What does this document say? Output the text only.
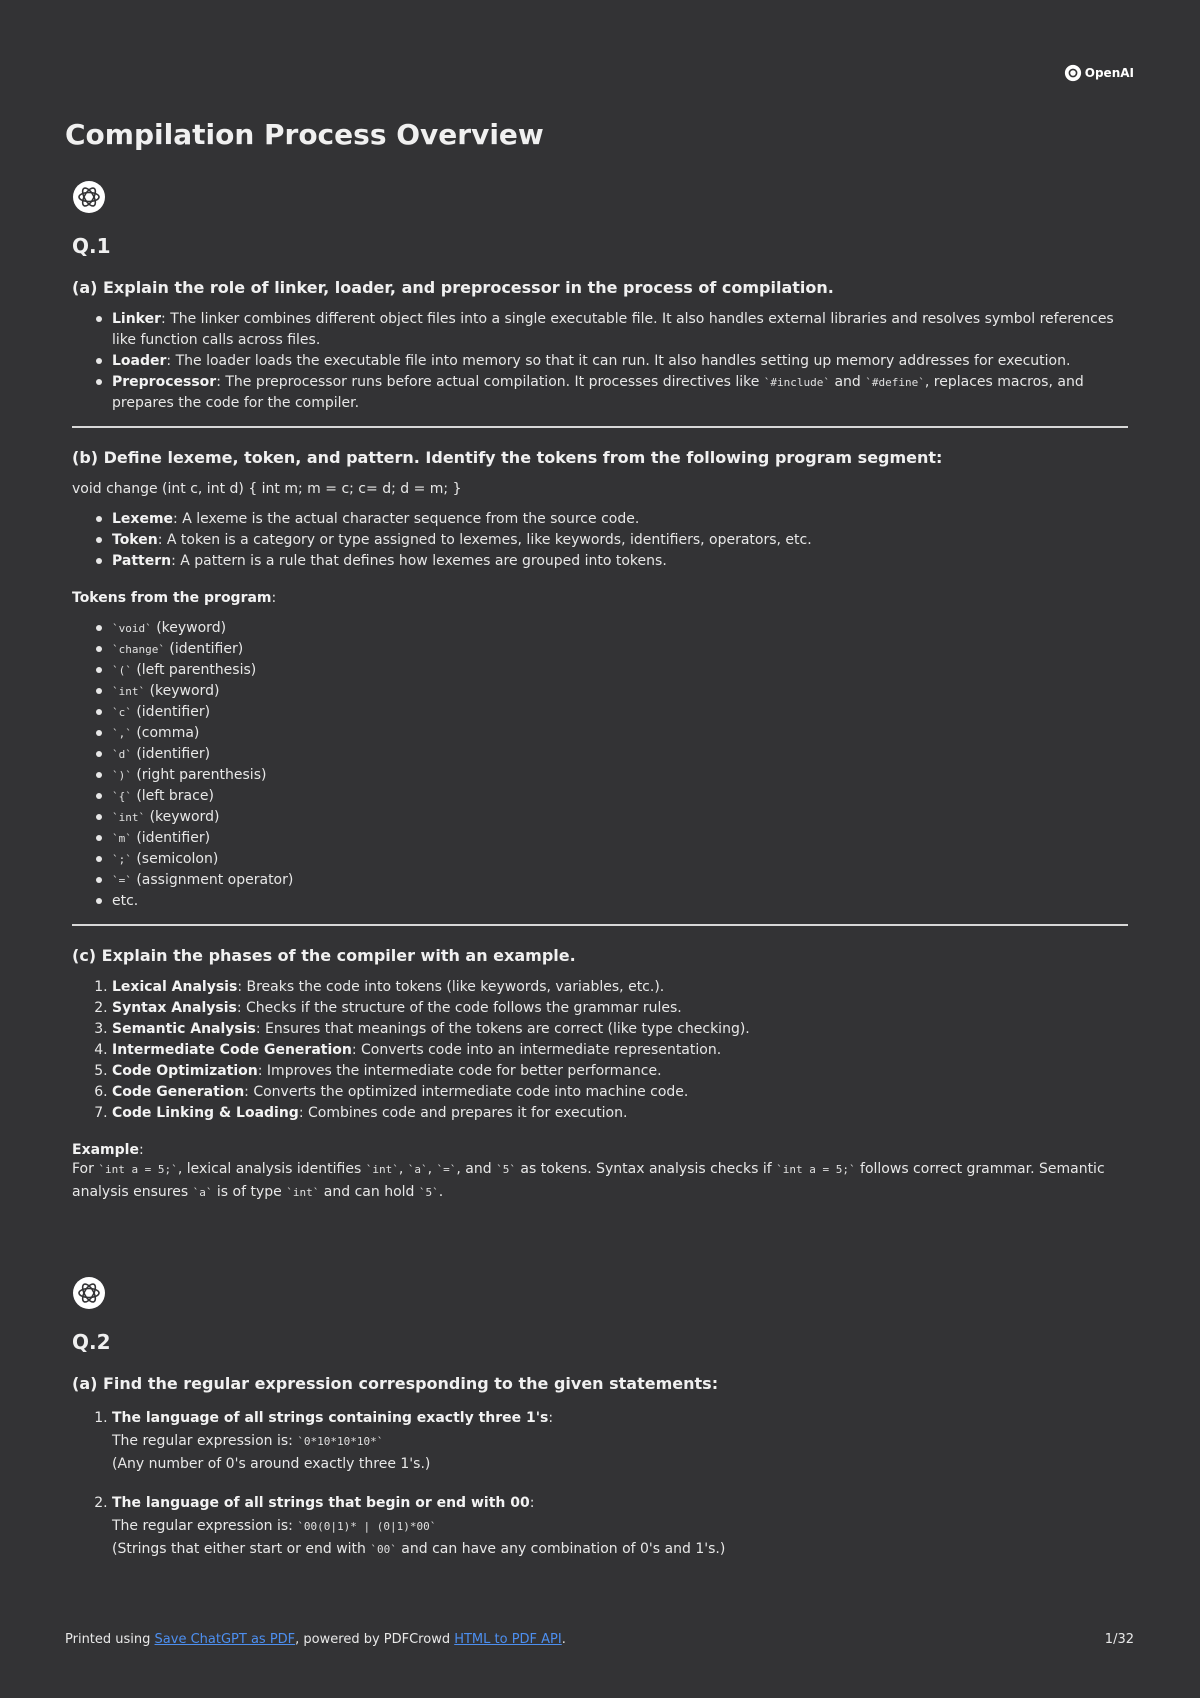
OpenAI
Compilation Process Overview
Q.1
(a) Explain the role of linker, loader, and preprocessor in the process of compilation.
Linker: The linker combines different object files into a single executable file. It also handles external libraries and resolves symbol references like function calls across files.
Loader: The loader loads the executable file into memory so that it can run. It also handles setting up memory addresses for execution.
Preprocessor: The preprocessor runs before actual compilation. It processes directives like `#include` and `#define`, replaces macros, and prepares the code for the compiler.
(b) Define lexeme, token, and pattern. Identify the tokens from the following program segment:

void change (int c, int d) { int m; m = c; c= d; d = m; }

Lexeme: A lexeme is the actual character sequence from the source code.
Token: A token is a category or type assigned to lexemes, like keywords, identifiers, operators, etc.
Pattern: A pattern is a rule that defines how lexemes are grouped into tokens.

Tokens from the program:

`void` (keyword)
`change` (identifier)
`(` (left parenthesis)
`int` (keyword)
`c` (identifier)
`,` (comma)
`d` (identifier)
`)` (right parenthesis)
`{` (left brace)
`int` (keyword)
`m` (identifier)
`;` (semicolon)
`=` (assignment operator)
etc.
(c) Explain the phases of the compiler with an example.
1. Lexical Analysis: Breaks the code into tokens (like keywords, variables, etc.).
2. Syntax Analysis: Checks if the structure of the code follows the grammar rules.
3. Semantic Analysis: Ensures that meanings of the tokens are correct (like type checking).
4. Intermediate Code Generation: Converts code into an intermediate representation.
5. Code Optimization: Improves the intermediate code for better performance.
6. Code Generation: Converts the optimized intermediate code into machine code.
7. Code Linking & Loading: Combines code and prepares it for execution.

Example:

For `int a = 5;`, lexical analysis identifies `int`, `a`, `=`, and `5` as tokens. Syntax analysis checks if `int a = 5;` follows correct grammar. Semantic analysis ensures `a` is of type `int` and can hold `5`.

Q.2
(a) Find the regular expression corresponding to the given statements:
1. The language of all strings containing exactly three 1's:
The regular expression is: `0*10*10*10*`
(Any number of 0's around exactly three 1's.)
2. The language of all strings that begin or end with 00:
The regular expression is: `00(0|1)* | (0|1)*00`
(Strings that either start or end with `00` and can have any combination of 0's and 1's.)
Printed using Save ChatGPT as PDF, powered by PDFCrowd HTML to PDF API.	1/32
